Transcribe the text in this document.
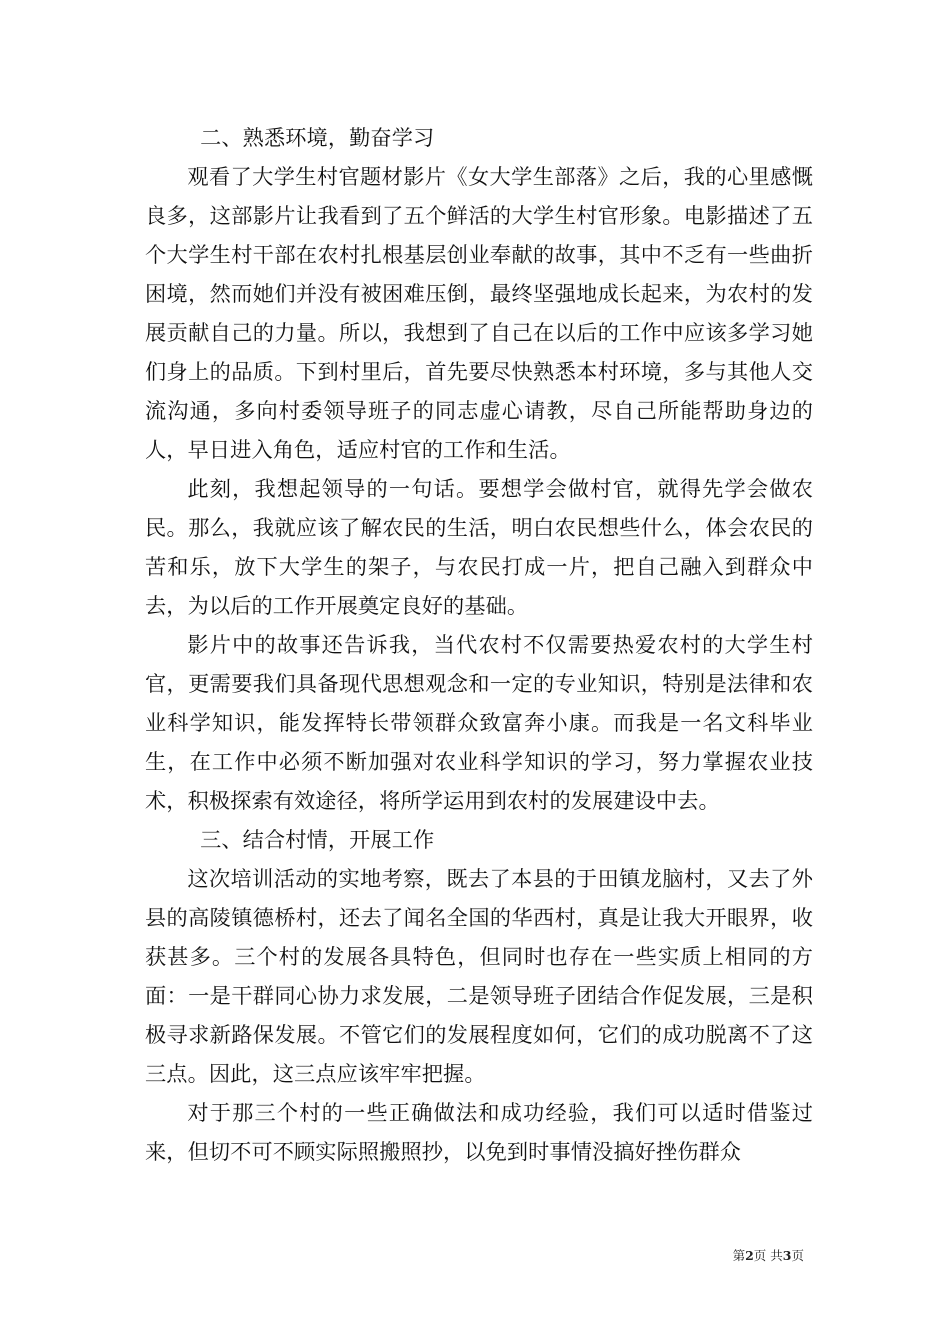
二、熟悉环境，勤奋学习

观看了大学生村官题材影片《女大学生部落》之后，我的心里感慨良多，这部影片让我看到了五个鲜活的大学生村官形象。电影描述了五个大学生村干部在农村扎根基层创业奉献的故事，其中不乏有一些曲折困境，然而她们并没有被困难压倒，最终坚强地成长起来，为农村的发展贡献自己的力量。所以，我想到了自己在以后的工作中应该多学习她们身上的品质。下到村里后，首先要尽快熟悉本村环境，多与其他人交流沟通，多向村委领导班子的同志虚心请教，尽自己所能帮助身边的人，早日进入角色，适应村官的工作和生活。

此刻，我想起领导的一句话。要想学会做村官，就得先学会做农民。那么，我就应该了解农民的生活，明白农民想些什么，体会农民的苦和乐，放下大学生的架子，与农民打成一片，把自己融入到群众中去，为以后的工作开展奠定良好的基础。

影片中的故事还告诉我，当代农村不仅需要热爱农村的大学生村官，更需要我们具备现代思想观念和一定的专业知识，特别是法律和农业科学知识，能发挥特长带领群众致富奔小康。而我是一名文科毕业生，在工作中必须不断加强对农业科学知识的学习，努力掌握农业技术，积极探索有效途径，将所学运用到农村的发展建设中去。

三、结合村情，开展工作

这次培训活动的实地考察，既去了本县的于田镇龙脑村，又去了外县的高陵镇德桥村，还去了闻名全国的华西村，真是让我大开眼界，收获甚多。三个村的发展各具特色，但同时也存在一些实质上相同的方面：一是干群同心协力求发展，二是领导班子团结合作促发展，三是积极寻求新路保发展。不管它们的发展程度如何，它们的成功脱离不了这三点。因此，这三点应该牢牢把握。

对于那三个村的一些正确做法和成功经验，我们可以适时借鉴过来，但切不可不顾实际照搬照抄，以免到时事情没搞好挫伤群众

第2页 共3页
